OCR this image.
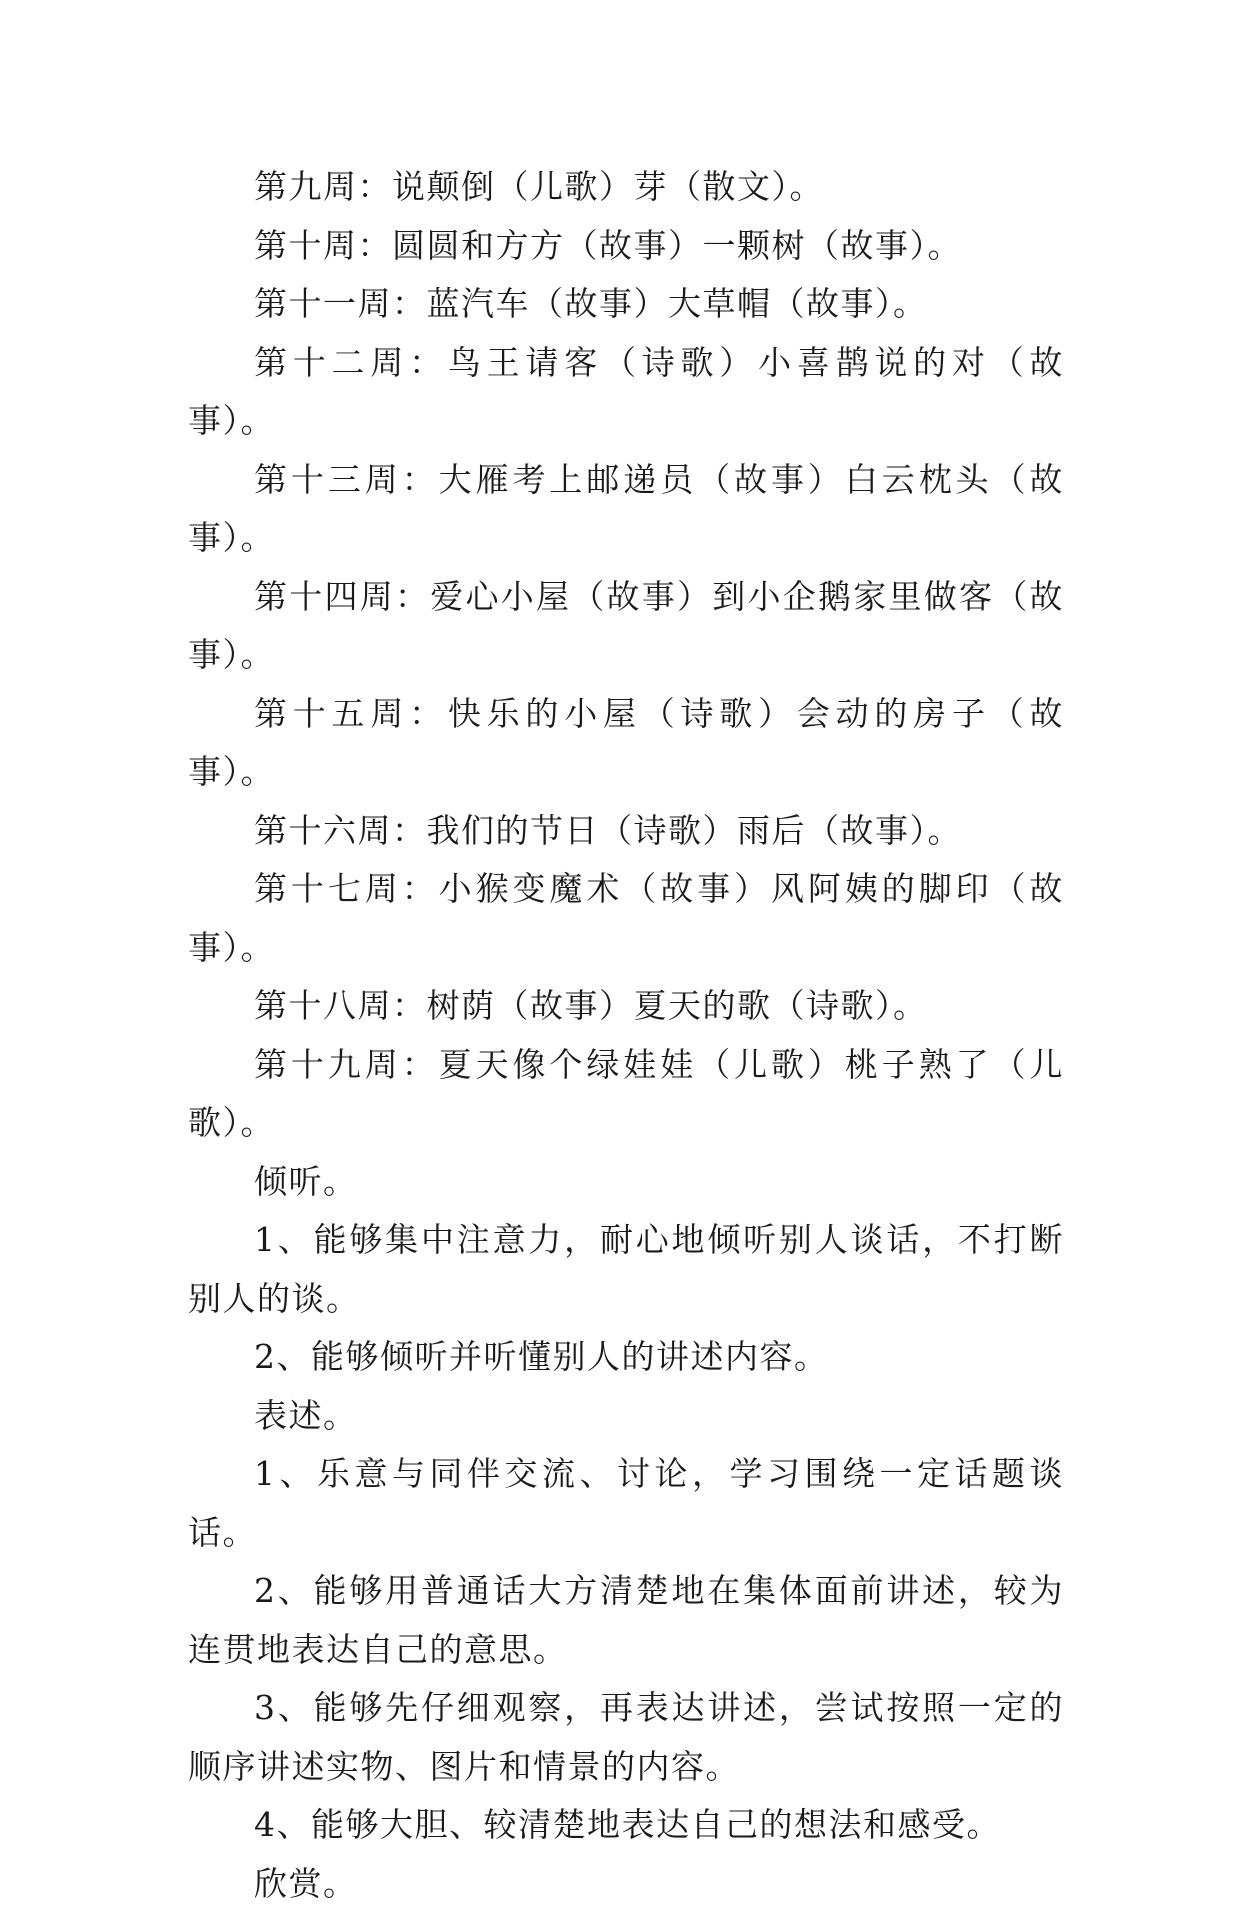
第九周：说颠倒（儿歌）芽（散文）。

第十周：圆圆和方方（故事）一颗树（故事）。

第十一周：蓝汽车（故事）大草帽（故事）。

第十二周：鸟王请客（诗歌）小喜鹊说的对（故事）。

第十三周：大雁考上邮递员（故事）白云枕头（故事）。

第十四周：爱心小屋（故事）到小企鹅家里做客（故事）。

第十五周：快乐的小屋（诗歌）会动的房子（故事）。

第十六周：我们的节日（诗歌）雨后（故事）。

第十七周：小猴变魔术（故事）风阿姨的脚印（故事）。

第十八周：树荫（故事）夏天的歌（诗歌）。

第十九周：夏天像个绿娃娃（儿歌）桃子熟了（儿歌）。

倾听。

1、能够集中注意力，耐心地倾听别人谈话，不打断别人的谈。

2、能够倾听并听懂别人的讲述内容。

表述。

1、乐意与同伴交流、讨论，学习围绕一定话题谈话。

2、能够用普通话大方清楚地在集体面前讲述，较为连贯地表达自己的意思。

3、能够先仔细观察，再表达讲述，尝试按照一定的顺序讲述实物、图片和情景的内容。

4、能够大胆、较清楚地表达自己的想法和感受。

欣赏。
